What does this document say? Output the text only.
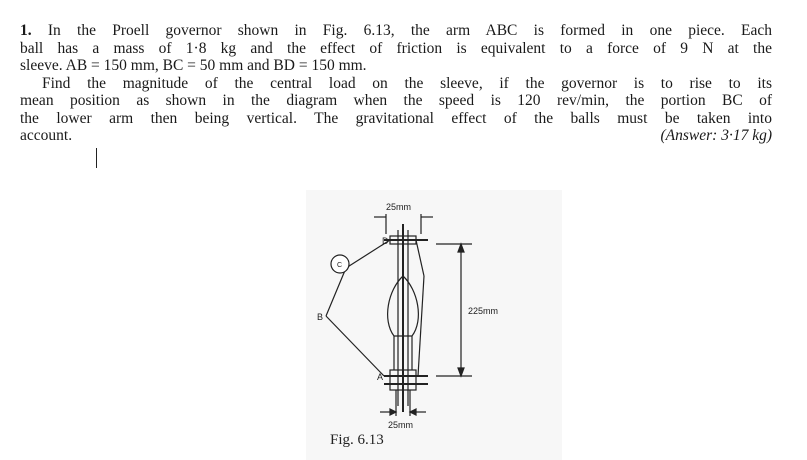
1. In the Proell governor shown in Fig. 6.13, the arm ABC is formed in one piece. Each
ball has a mass of 1·8 kg and the effect of friction is equivalent to a force of 9 N at the
sleeve. AB = 150 mm, BC = 50 mm and BD = 150 mm.
Find the magnitude of the central load on the sleeve, if the governor is to rise to its
mean position as shown in the diagram when the speed is 120 rev/min, the portion BC of
the lower arm then being vertical. The gravitational effect of the balls must be taken into
account.	(Answer: 3·17 kg)

25mm
225mm
25mm
D
C
B
A
Fig. 6.13
